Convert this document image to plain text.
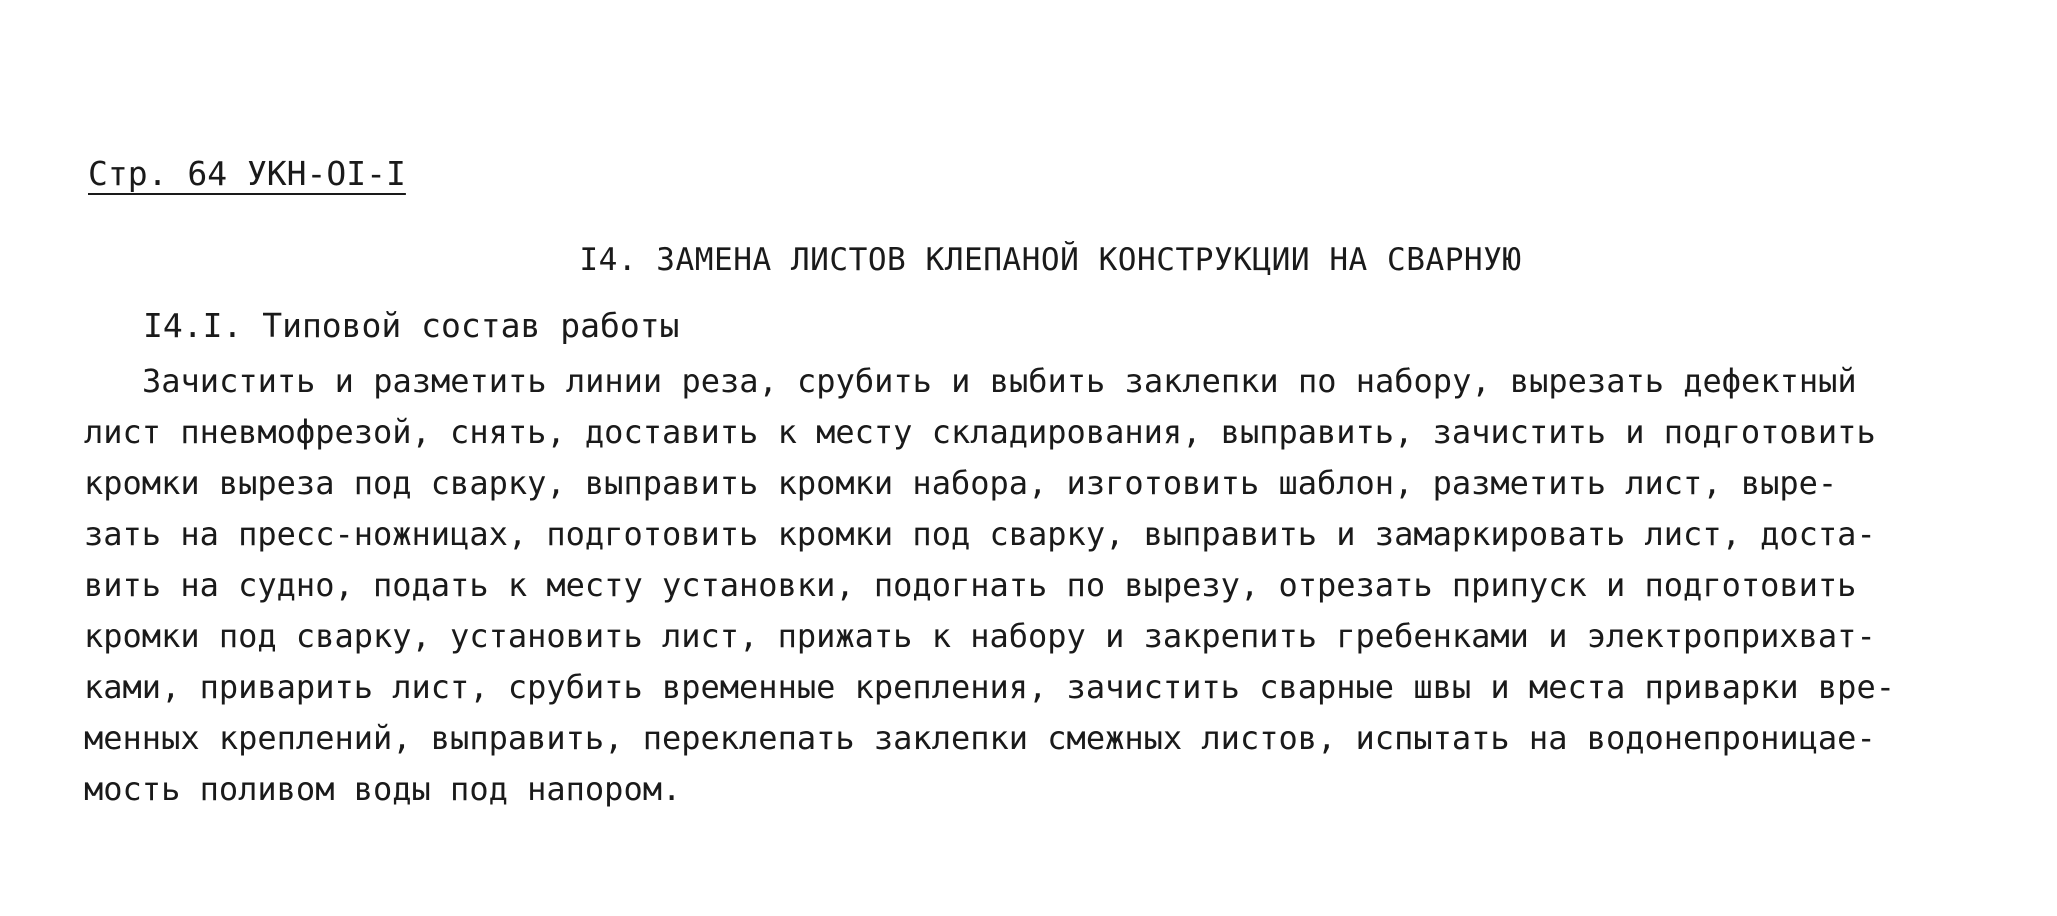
Стр. 64 УКН-OI-I
I4. ЗАМЕНА ЛИСТОВ КЛЕПАНОЙ КОНСТРУКЦИИ НА СВАРНУЮ
I4.I. Типовой состав работы
Зачистить и разметить линии реза, срубить и выбить заклепки по набору, вырезать дефектный
лист пневмофрезой, снять, доставить к месту складирования, выправить, зачистить и подготовить
кромки выреза под сварку, выправить кромки набора, изготовить шаблон, разметить лист, выре-
зать на пресс-ножницах, подготовить кромки под сварку, выправить и замаркировать лист, доста-
вить на судно, подать к месту установки, подогнать по вырезу, отрезать припуск и подготовить
кромки под сварку, установить лист, прижать к набору и закрепить гребенками и электроприхват-
ками, приварить лист, срубить временные крепления, зачистить сварные швы и места приварки вре-
менных креплений, выправить, переклепать заклепки смежных листов, испытать на водонепроницае-
мость поливом воды под напором.
